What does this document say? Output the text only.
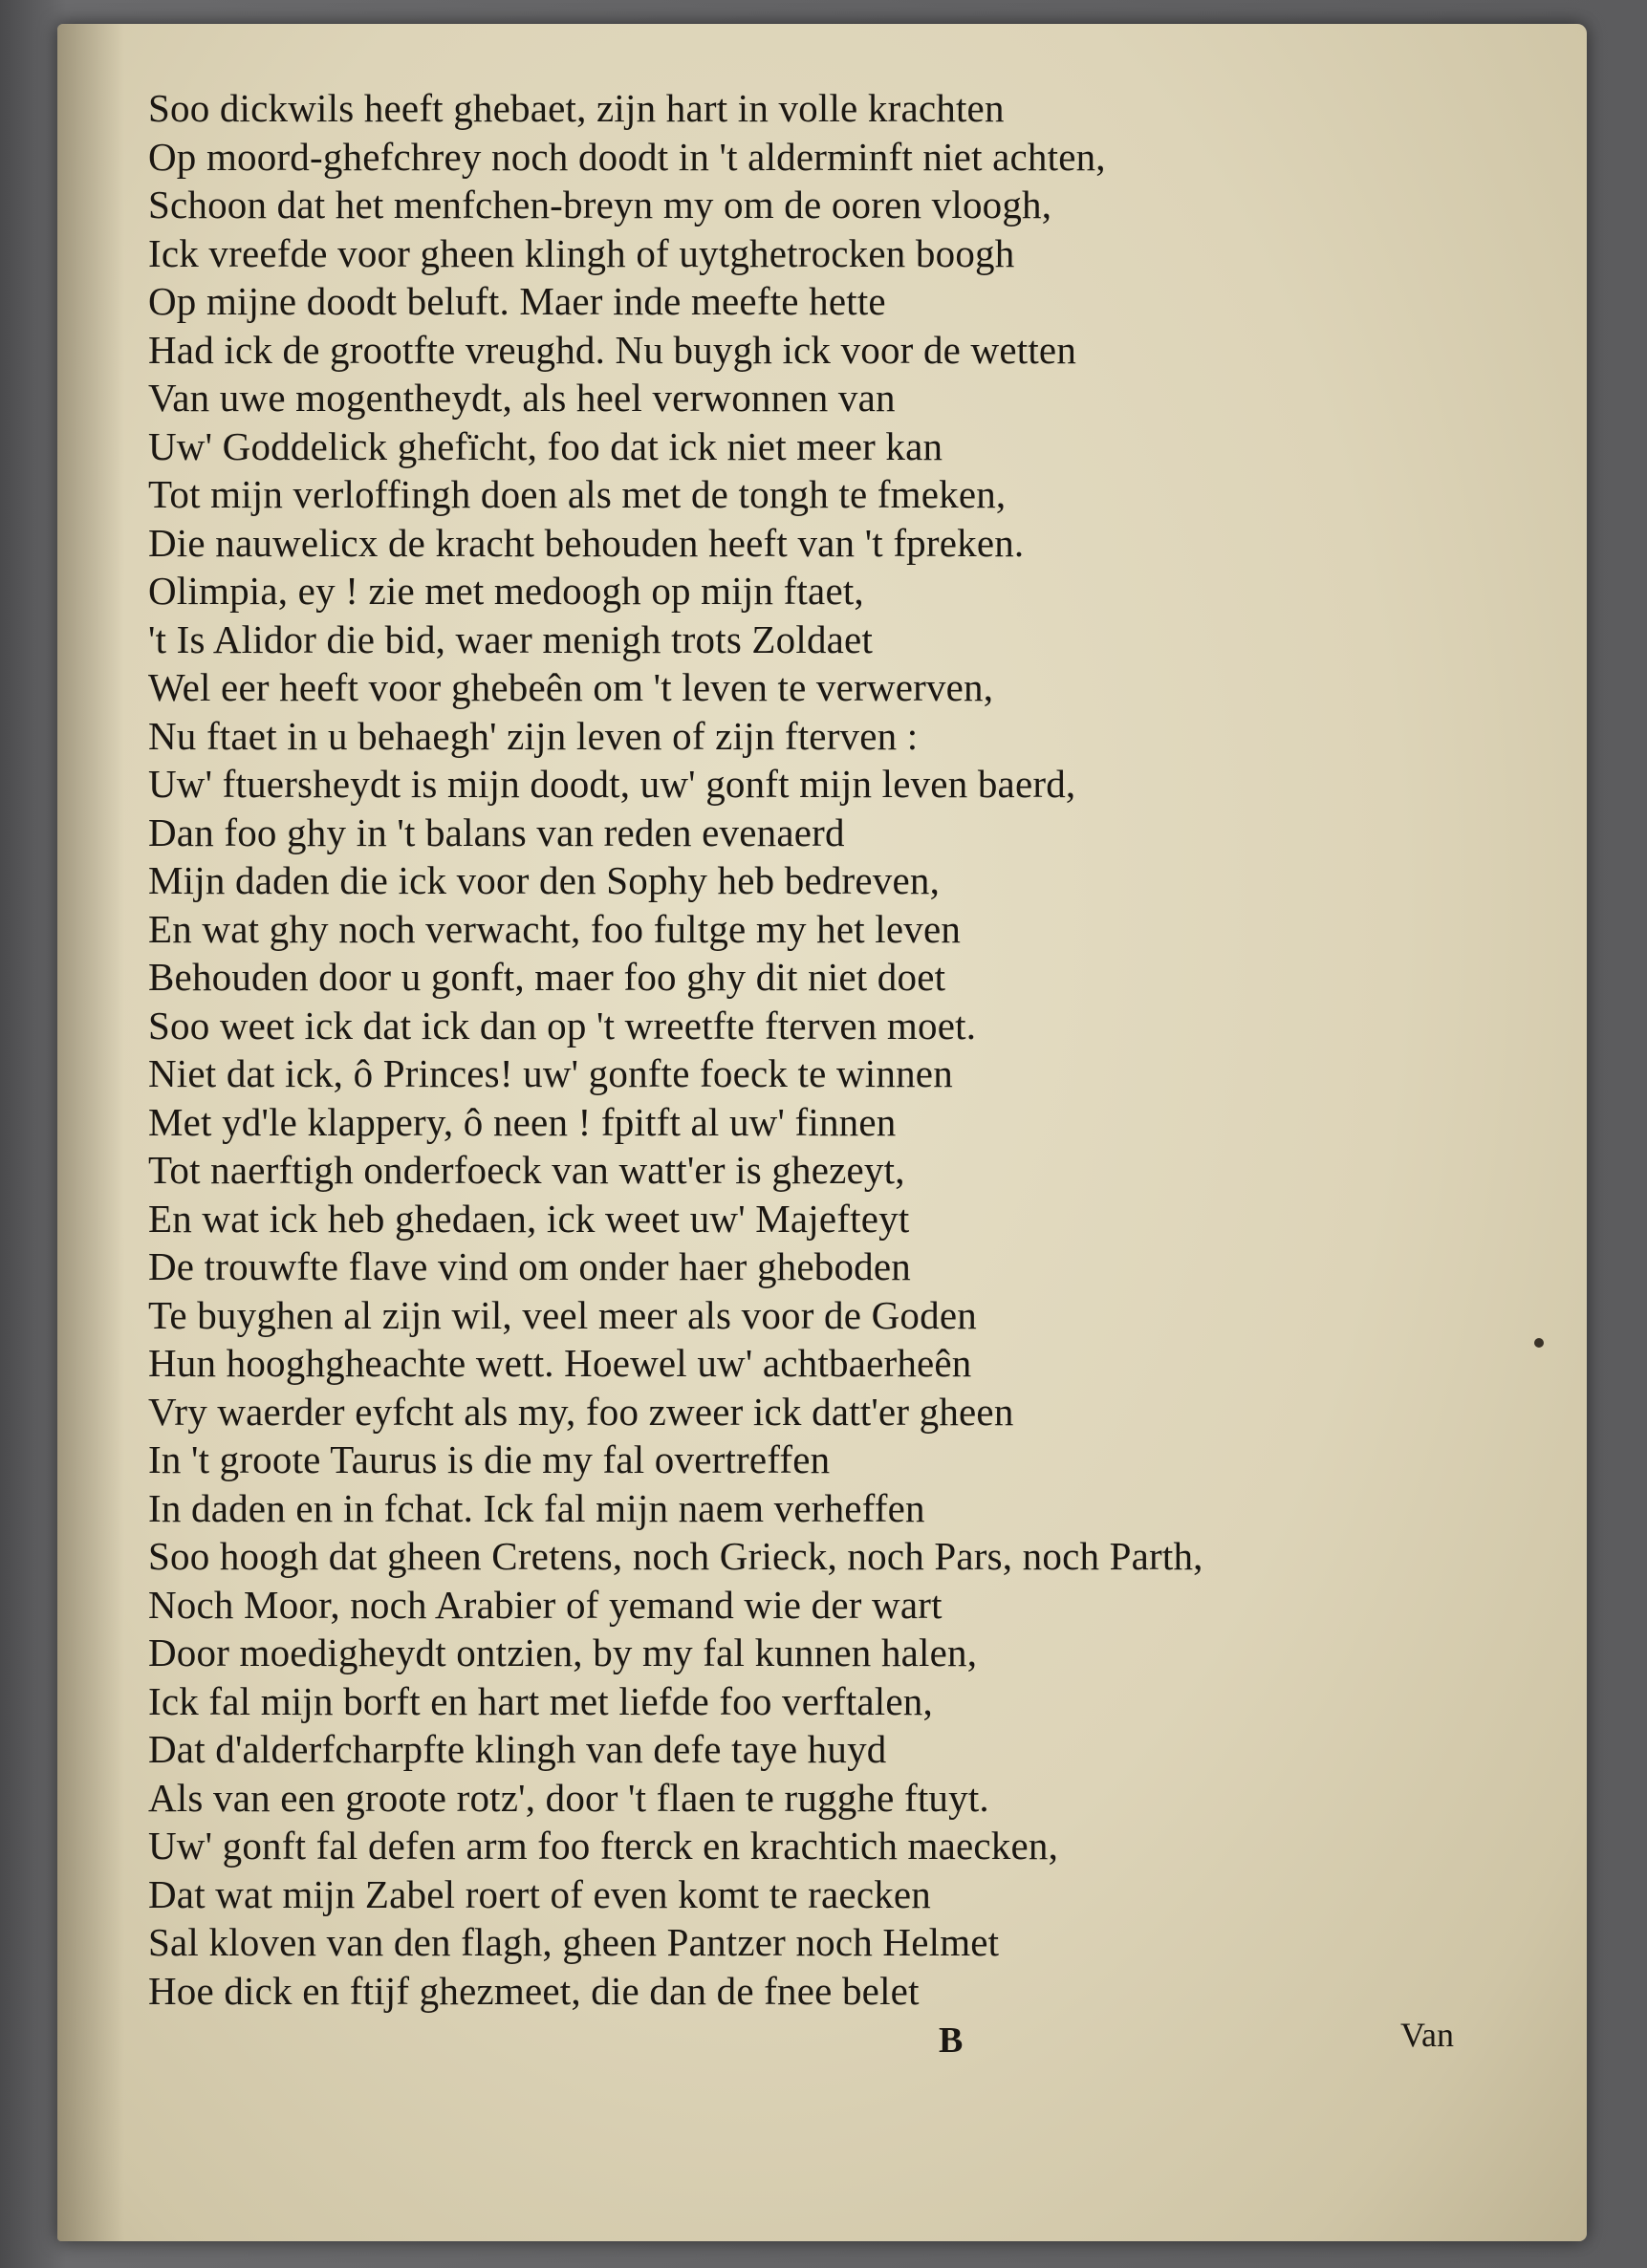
Soo dickwils heeft ghebaet, zijn hart in volle krachten
Op moord-ghefchrey noch doodt in 't alderminft niet achten,
Schoon dat het menfchen-breyn my om de ooren vloogh,
Ick vreefde voor gheen klingh of uytghetrocken boogh
Op mijne doodt beluft. Maer inde meefte hette
Had ick de grootfte vreughd. Nu buygh ick voor de wetten
Van uwe mogentheydt, als heel verwonnen van
Uw' Goddelick ghefïcht, foo dat ick niet meer kan
Tot mijn verloffingh doen als met de tongh te fmeken,
Die nauwelicx de kracht behouden heeft van 't fpreken.
Olimpia, ey ! zie met medoogh op mijn ftaet,
't Is Alidor die bid, waer menigh trots Zoldaet
Wel eer heeft voor ghebeên om 't leven te verwerven,
Nu ftaet in u behaegh' zijn leven of zijn fterven :
Uw' ftuersheydt is mijn doodt, uw' gonft mijn leven baerd,
Dan foo ghy in 't balans van reden evenaerd
Mijn daden die ick voor den Sophy heb bedreven,
En wat ghy noch verwacht, foo fultge my het leven
Behouden door u gonft, maer foo ghy dit niet doet
Soo weet ick dat ick dan op 't wreetfte fterven moet.
Niet dat ick, ô Princes! uw' gonfte foeck te winnen
Met yd'le klappery, ô neen ! fpitft al uw' finnen
Tot naerftigh onderfoeck van watt'er is ghezeyt,
En wat ick heb ghedaen, ick weet uw' Majefteyt
De trouwfte flave vind om onder haer gheboden
Te buyghen al zijn wil, veel meer als voor de Goden
Hun hooghgheachte wett. Hoewel uw' achtbaerheên
Vry waerder eyfcht als my, foo zweer ick datt'er gheen
In 't groote Taurus is die my fal overtreffen
In daden en in fchat. Ick fal mijn naem verheffen
Soo hoogh dat gheen Cretens, noch Grieck, noch Pars, noch Parth,
Noch Moor, noch Arabier of yemand wie der wart
Door moedigheydt ontzien, by my fal kunnen halen,
Ick fal mijn borft en hart met liefde foo verftalen,
Dat d'alderfcharpfte klingh van defe taye huyd
Als van een groote rotz', door 't flaen te rugghe ftuyt.
Uw' gonft fal defen arm foo fterck en krachtich maecken,
Dat wat mijn Zabel roert of even komt te raecken
Sal kloven van den flagh, gheen Pantzer noch Helmet
Hoe dick en ftijf ghezmeet, die dan de fnee belet
B	Van
